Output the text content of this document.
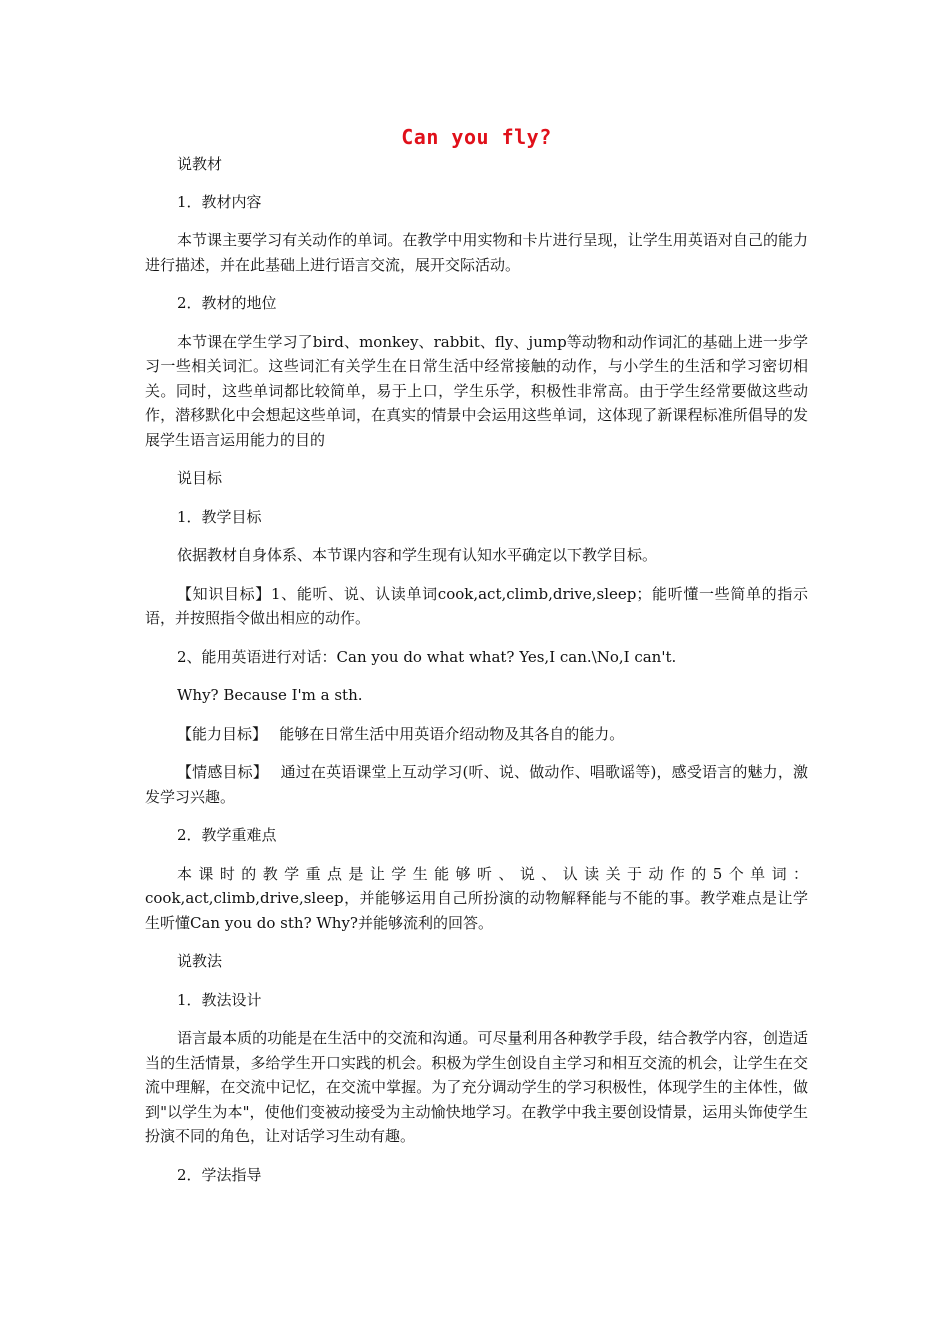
Can you fly?

说教材

1．教材内容

本节课主要学习有关动作的单词。在教学中用实物和卡片进行呈现，让学生用英语对自己的能力进行描述，并在此基础上进行语言交流，展开交际活动。

2．教材的地位

本节课在学生学习了bird、monkey、rabbit、fly、jump等动物和动作词汇的基础上进一步学习一些相关词汇。这些词汇有关学生在日常生活中经常接触的动作，与小学生的生活和学习密切相关。同时，这些单词都比较简单，易于上口，学生乐学，积极性非常高。由于学生经常要做这些动作，潜移默化中会想起这些单词，在真实的情景中会运用这些单词，这体现了新课程标准所倡导的发展学生语言运用能力的目的

说目标

1．教学目标

依据教材自身体系、本节课内容和学生现有认知水平确定以下教学目标。

【知识目标】1、能听、说、认读单词cook,act,climb,drive,sleep；能听懂一些简单的指示语，并按照指令做出相应的动作。

2、能用英语进行对话：Can you do what what? Yes,I can.\No,I can't.

Why? Because I'm a sth.

【能力目标】　 能够在日常生活中用英语介绍动物及其各自的能力。

【情感目标】　 通过在英语课堂上互动学习(听、说、做动作、唱歌谣等)，感受语言的魅力，激发学习兴趣。

2．教学重难点

本课时的教学重点是让学生能够听、说、认读关于动作的5个单词：cook,act,climb,drive,sleep，并能够运用自己所扮演的动物解释能与不能的事。教学难点是让学生听懂Can you do sth? Why?并能够流利的回答。

说教法

1．教法设计

语言最本质的功能是在生活中的交流和沟通。可尽量利用各种教学手段，结合教学内容，创造适当的生活情景，多给学生开口实践的机会。积极为学生创设自主学习和相互交流的机会，让学生在交流中理解，在交流中记忆，在交流中掌握。为了充分调动学生的学习积极性，体现学生的主体性，做到"以学生为本"，使他们变被动接受为主动愉快地学习。在教学中我主要创设情景，运用头饰使学生扮演不同的角色，让对话学习生动有趣。

2．学法指导
